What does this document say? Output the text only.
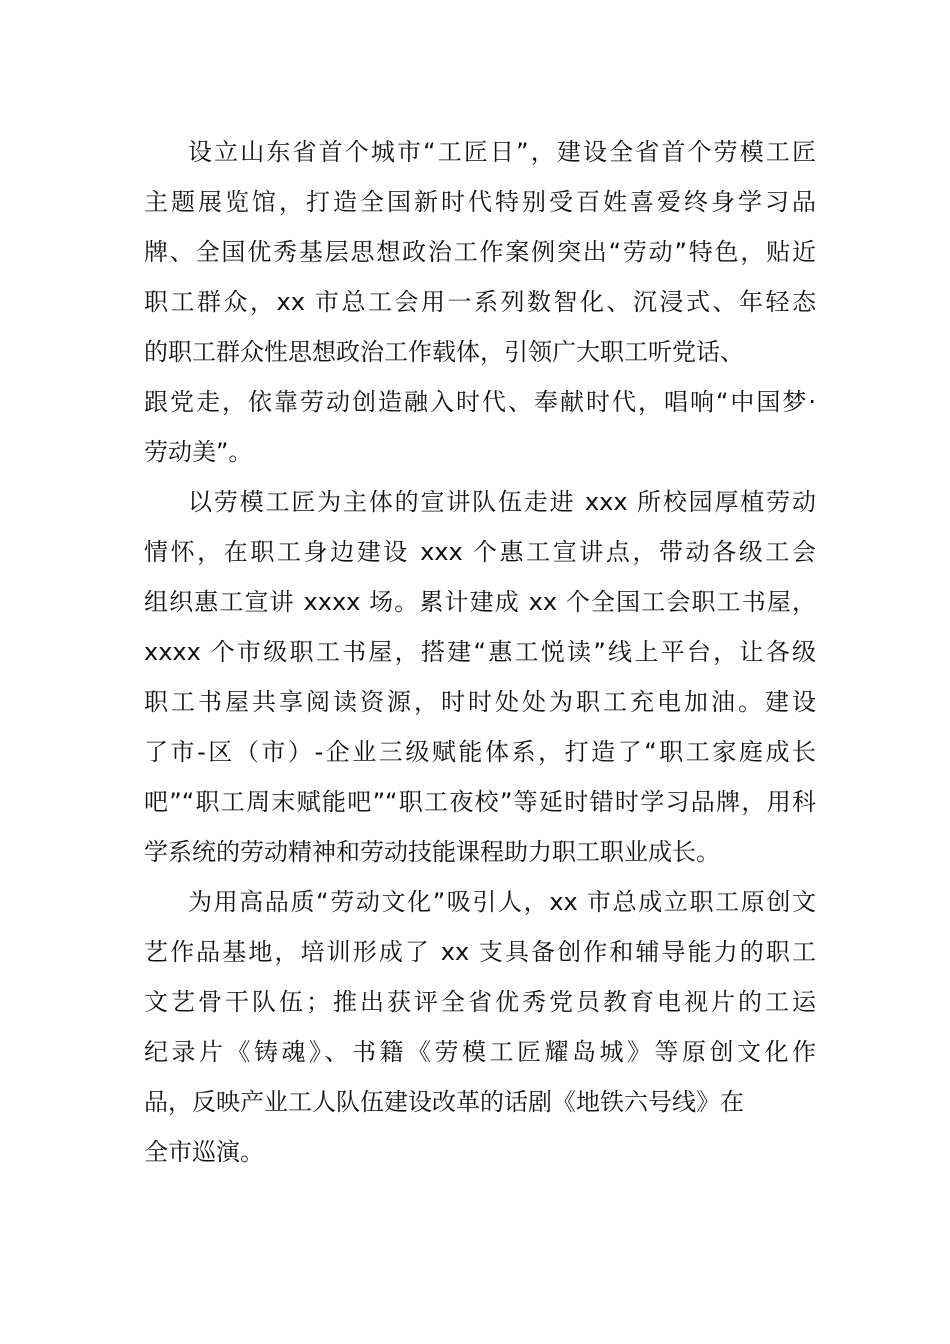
设立山东省首个城市“工匠日”，建设全省首个劳模工匠
主题展览馆，打造全国新时代特别受百姓喜爱终身学习品
牌、全国优秀基层思想政治工作案例突出“劳动”特色，贴近
职工群众，xx 市总工会用一系列数智化、沉浸式、年轻态
的职工群众性思想政治工作载体，引领广大职工听党话、
跟党走，依靠劳动创造融入时代、奉献时代，唱响“中国梦·
劳动美”。
以劳模工匠为主体的宣讲队伍走进 xxx 所校园厚植劳动
情怀，在职工身边建设 xxx 个惠工宣讲点，带动各级工会
组织惠工宣讲 xxxx 场。累计建成 xx 个全国工会职工书屋，
xxxx 个市级职工书屋，搭建“惠工悦读”线上平台，让各级
职工书屋共享阅读资源，时时处处为职工充电加油。建设
了市-区（市）-企业三级赋能体系，打造了“职工家庭成长
吧”“职工周末赋能吧”“职工夜校”等延时错时学习品牌，用科
学系统的劳动精神和劳动技能课程助力职工职业成长。
为用高品质“劳动文化”吸引人，xx 市总成立职工原创文
艺作品基地，培训形成了 xx 支具备创作和辅导能力的职工
文艺骨干队伍；推出获评全省优秀党员教育电视片的工运
纪录片《铸魂》、书籍《劳模工匠耀岛城》等原创文化作
品，反映产业工人队伍建设改革的话剧《地铁六号线》在
全市巡演。
